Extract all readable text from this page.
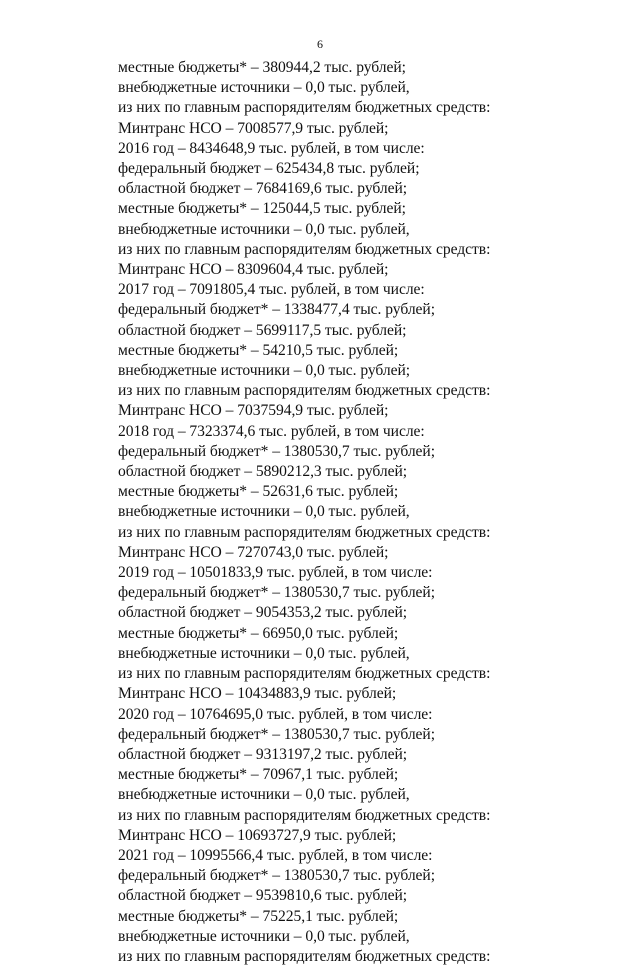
6
местные бюджеты* – 380944,2 тыс. рублей;
внебюджетные источники – 0,0 тыс. рублей,
из них по главным распорядителям бюджетных средств:
Минтранс НСО – 7008577,9 тыс. рублей;
2016 год – 8434648,9 тыс. рублей, в том числе:
федеральный бюджет – 625434,8 тыс. рублей;
областной бюджет – 7684169,6 тыс. рублей;
местные бюджеты* – 125044,5 тыс. рублей;
внебюджетные источники – 0,0 тыс. рублей,
из них по главным распорядителям бюджетных средств:
Минтранс НСО – 8309604,4 тыс. рублей;
2017 год – 7091805,4 тыс. рублей, в том числе:
федеральный бюджет* – 1338477,4 тыс. рублей;
областной бюджет – 5699117,5 тыс. рублей;
местные бюджеты* – 54210,5 тыс. рублей;
внебюджетные источники – 0,0 тыс. рублей;
из них по главным распорядителям бюджетных средств:
Минтранс НСО – 7037594,9 тыс. рублей;
2018 год – 7323374,6 тыс. рублей, в том числе:
федеральный бюджет* – 1380530,7 тыс. рублей;
областной бюджет – 5890212,3 тыс. рублей;
местные бюджеты* – 52631,6 тыс. рублей;
внебюджетные источники – 0,0 тыс. рублей,
из них по главным распорядителям бюджетных средств:
Минтранс НСО – 7270743,0 тыс. рублей;
2019 год – 10501833,9 тыс. рублей, в том числе:
федеральный бюджет* – 1380530,7 тыс. рублей;
областной бюджет – 9054353,2 тыс. рублей;
местные бюджеты* – 66950,0 тыс. рублей;
внебюджетные источники – 0,0 тыс. рублей,
из них по главным распорядителям бюджетных средств:
Минтранс НСО – 10434883,9 тыс. рублей;
2020 год – 10764695,0 тыс. рублей, в том числе:
федеральный бюджет* – 1380530,7 тыс. рублей;
областной бюджет – 9313197,2 тыс. рублей;
местные бюджеты* – 70967,1 тыс. рублей;
внебюджетные источники – 0,0 тыс. рублей,
из них по главным распорядителям бюджетных средств:
Минтранс НСО – 10693727,9 тыс. рублей;
2021 год – 10995566,4 тыс. рублей, в том числе:
федеральный бюджет* – 1380530,7 тыс. рублей;
областной бюджет – 9539810,6 тыс. рублей;
местные бюджеты* – 75225,1 тыс. рублей;
внебюджетные источники – 0,0 тыс. рублей,
из них по главным распорядителям бюджетных средств:
